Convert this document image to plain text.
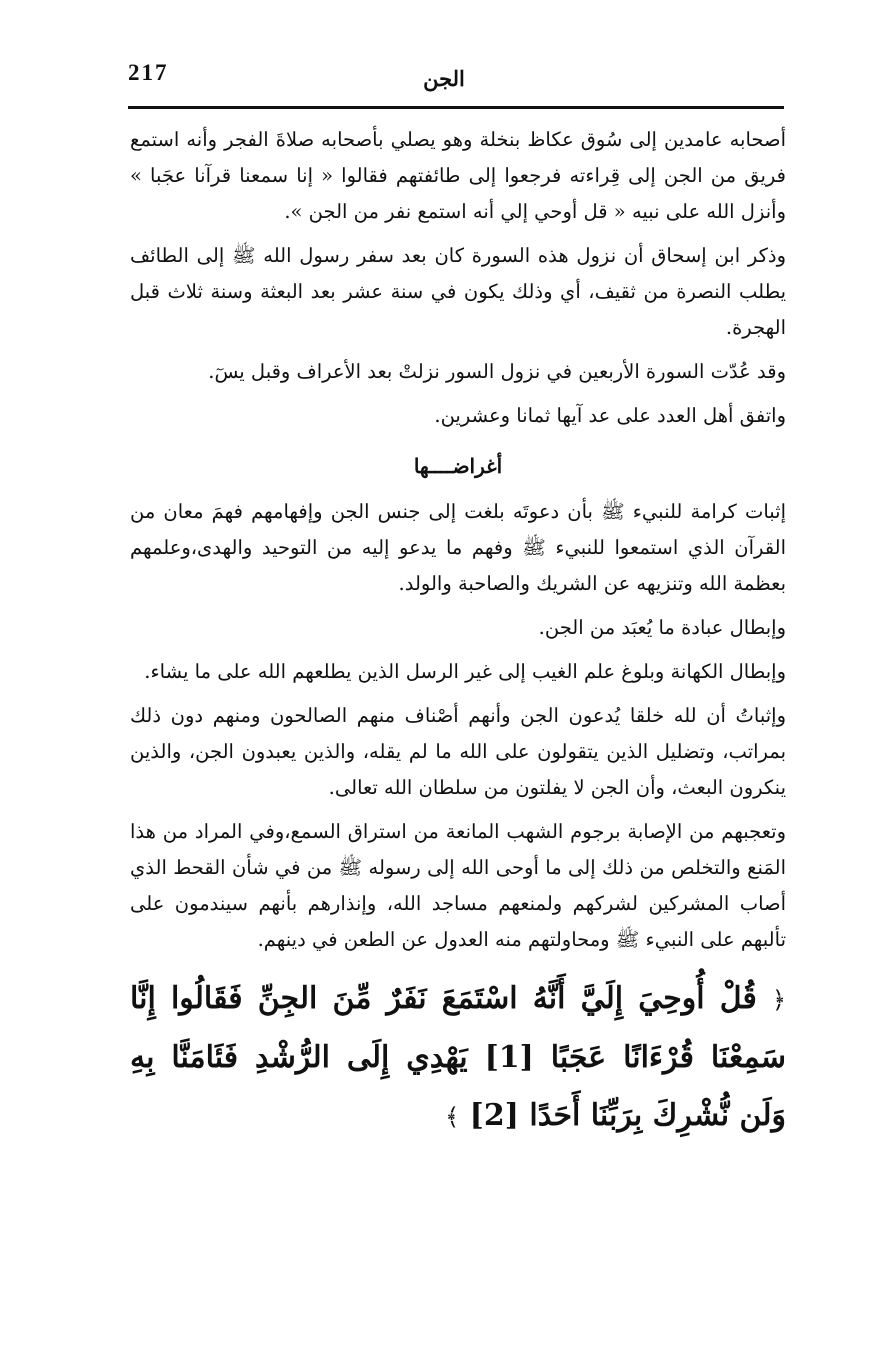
217	الجن

أصحابه عامدين إلى سُوق عكاظ بنخلة وهو يصلي بأصحابه صلاةَ الفجر وأنه استمع فريق من الجن إلى قِراءته فرجعوا إلى طائفتهم فقالوا « إنا سمعنا قرآنا عجَبا » وأنزل الله على نبيه « قل أوحي إلي أنه استمع نفر من الجن ».

وذكر ابن إسحاق أن نزول هذه السورة كان بعد سفر رسول الله ﷺ إلى الطائف يطلب النصرة من ثقيف، أي وذلك يكون في سنة عشر بعد البعثة وسنة ثلاث قبل الهجرة.

وقد عُدّت السورة الأربعين في نزول السور نزلتْ بعد الأعراف وقبل يسٓ.

واتفق أهل العدد على عد آيها ثمانا وعشرين.

أغراضــــها

إثبات كرامة للنبيء ﷺ بأن دعوتَه بلغت إلى جنس الجن وإفهامهم فهمَ معان من القرآن الذي استمعوا للنبيء ﷺ وفهم ما يدعو إليه من التوحيد والهدى،وعلمهم بعظمة الله وتنزيهه عن الشريك والصاحبة والولد.

وإبطال عبادة ما يُعبَد من الجن.

وإبطال الكهانة وبلوغ علم الغيب إلى غير الرسل الذين يطلعهم الله على ما يشاء.

وإثباتُ أن لله خلقا يُدعون الجن وأنهم أصْناف منهم الصالحون ومنهم دون ذلك بمراتب، وتضليل الذين يتقولون على الله ما لم يقله، والذين يعبدون الجن، والذين ينكرون البعث، وأن الجن لا يفلتون من سلطان الله تعالى.

وتعجبهم من الإصابة برجوم الشهب المانعة من استراق السمع،وفي المراد من هذا المَنع والتخلص من ذلك إلى ما أوحى الله إلى رسوله ﷺ من في شأن القحط الذي أصاب المشركين لشركهم ولمنعهم مساجد الله، وإنذارهم بأنهم سيندمون على تألبهم على النبيء ﷺ ومحاولتهم منه العدول عن الطعن في دينهم.

﴿ قُلْ أُوحِيَ إِلَيَّ أَنَّهُ اسْتَمَعَ نَفَرٌ مِّنَ الجِنِّ فَقَالُوا إِنَّا سَمِعْنَا قُرْءَانًا عَجَبًا [1] يَهْدِي إِلَى الرُّشْدِ فَئَامَنَّا بِهِ وَلَن نُّشْرِكَ بِرَبِّنَا أَحَدًا [2] ﴾
